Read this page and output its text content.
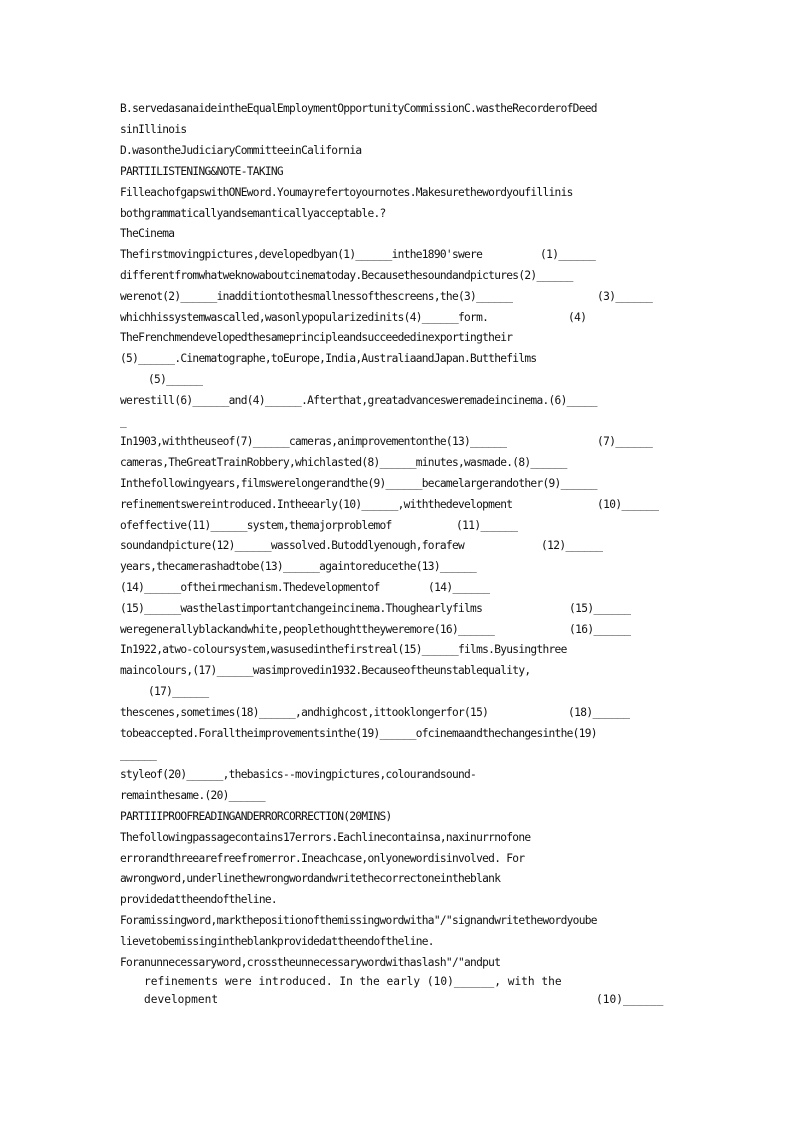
B.servedasanaideintheEqualEmploymentOpportunityCommissionC.wastheRecorderofDeed
sinIllinois
D.wasontheJudiciaryCommitteeinCalifornia
PARTIILISTENING&NOTE-TAKING
FilleachofgapswithONEword.Youmayrefertoyournotes.Makesurethewordyoufillinis
bothgrammaticallyandsemanticallyacceptable.?
TheCinema
Thefirstmovingpictures,developedbyan(1)______inthe1890'swere
differentfromwhatweknowaboutcinematoday.Becausethesoundandpictures(2)______
werenot(2)______inadditiontothesmallnessofthescreens,the(3)______
whichhissystemwascalled,wasonlypopularizedinits(4)______form.
TheFrenchmendevelopedthesameprincipleandsucceededinexportingtheir
(5)______.Cinematographe,toEurope,India,AustraliaandJapan.Butthefilms
(5)______
werestill(6)______and(4)______.Afterthat,greatadvancesweremadeincinema.(6)_____
_
In1903,withtheuseof(7)______cameras,animprovementonthe(13)______
cameras,TheGreatTrainRobbery,whichlasted(8)______minutes,wasmade.(8)______
Inthefollowingyears,filmswerelongerandthe(9)______becamelargerandother(9)______
refinementswereintroduced.Intheearly(10)______,withthedevelopment
ofeffective(11)______system,themajorproblemof
soundandpicture(12)______wassolved.Butoddlyenough,forafew
years,thecamerashadtobe(13)______againtoreducethe(13)______
(14)______oftheirmechanism.Thedevelopmentof
(15)______wasthelastimportantchangeincinema.Thoughearlyfilms
weregenerallyblackandwhite,peoplethoughttheyweremore(16)______
In1922,atwo-coloursystem,wasusedinthefirstreal(15)______films.Byusingthree
maincolours,(17)______wasimprovedin1932.Becauseoftheunstablequality,
(17)______
thescenes,sometimes(18)______,andhighcost,ittooklongerfor(15)
tobeaccepted.Foralltheimprovementsinthe(19)______ofcinemaandthechangesinthe(19)
______
styleof(20)______,thebasics--movingpictures,colourandsound-
remainthesame.(20)______
PARTIIIPROOFREADINGANDERRORCORRECTION(20MINS)
Thefollowingpassagecontains17errors.Eachlinecontainsa,naxinurrnofone
errorandthreearefreefromerror.Ineachcase,onlyonewordisinvolved. For
awrongword,underlinethewrongwordandwritethecorrectoneintheblank
providedattheendoftheline.
Foramissingword,markthepositionofthemissingwordwitha"/"signandwritethewordyoube
lievetobemissingintheblankprovidedattheendoftheline.
Foranunnecessaryword,crosstheunnecessarywordwithaslash"/"andput
refinements were introduced. In the early (10)______, with the
development
(1)______
(3)______
(4)
(7)______
(10)______
(11)______
(12)______
(14)______
(15)______
(16)______
(18)______
(10)______
